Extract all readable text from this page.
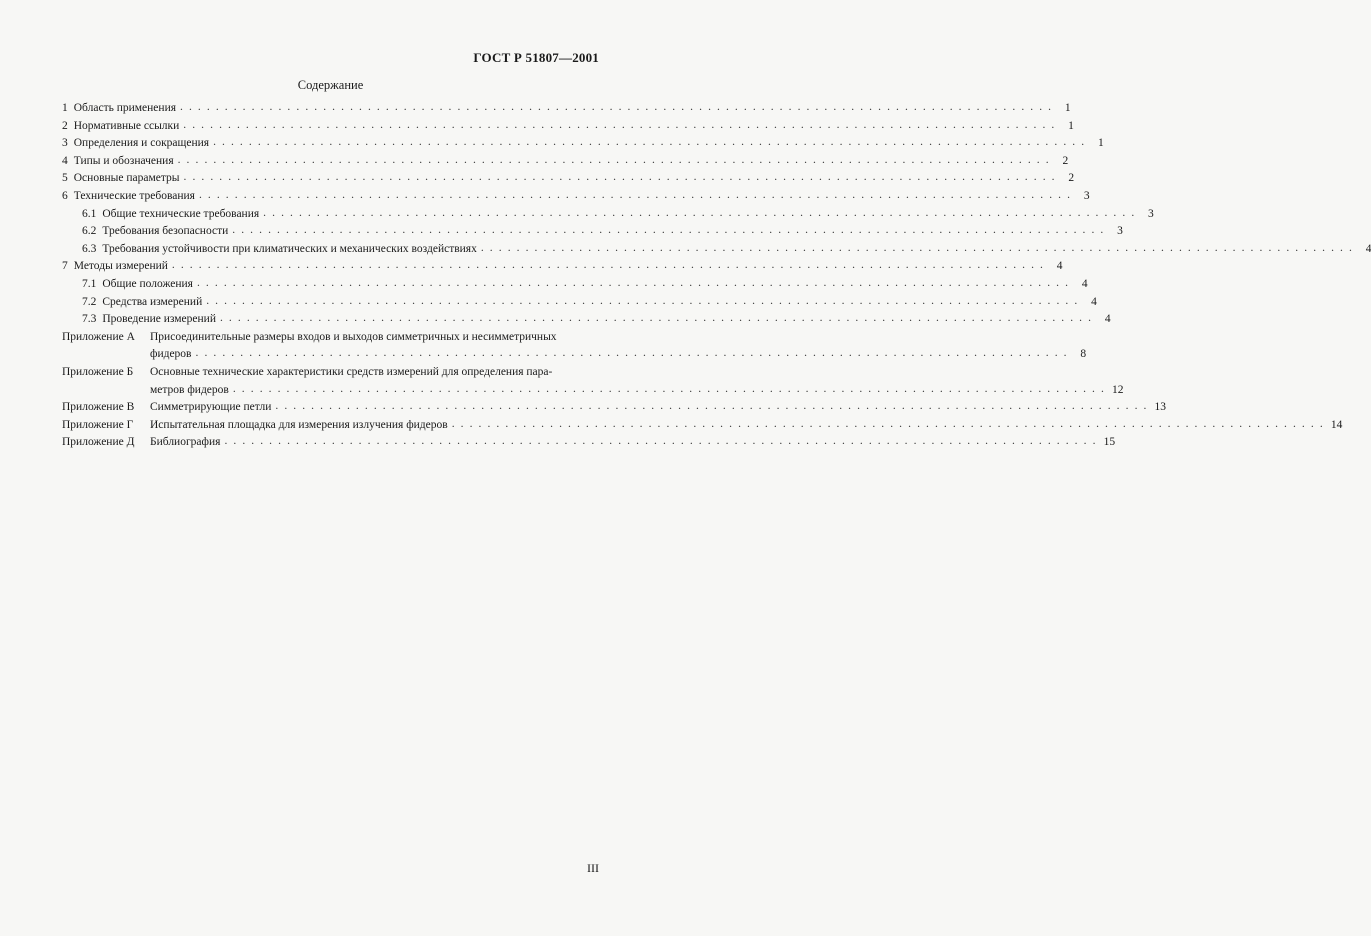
ГОСТ Р 51807—2001
Содержание
1 Область применения . . .	1
2 Нормативные ссылки . . .	1
3 Определения и сокращения . . .	1
4 Типы и обозначения . . .	2
5 Основные параметры . . .	2
6 Технические требования . . .	3
6.1 Общие технические требования . . .	3
6.2 Требования безопасности . . .	3
6.3 Требования устойчивости при климатических и механических воздействиях . . .	4
7 Методы измерений . . .	4
7.1 Общие положения . . .	4
7.2 Средства измерений . . .	4
7.3 Проведение измерений . . .	4
Приложение А	Присоединительные размеры входов и выходов симметричных и несимметричных
фидеров . . .	8
Приложение Б	Основные технические характеристики средств измерений для определения пара-
метров фидеров . . .	12
Приложение В	Симметрирующие петли . . .	13
Приложение Г	Испытательная площадка для измерения излучения фидеров . . .	14
Приложение Д	Библиография . . .	15
III
